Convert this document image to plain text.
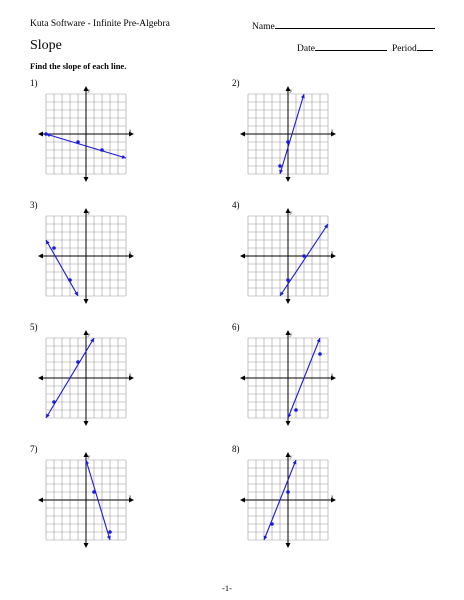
Kuta Software - Infinite Pre-Algebra	Name
Slope	Date	Period
Find the slope of each line.
1)	2)
3)	4)
5)	6)
7)	8)
x
y
x
y
x
y
x
y
x
y
x
y
x
y
x
y
-1-
